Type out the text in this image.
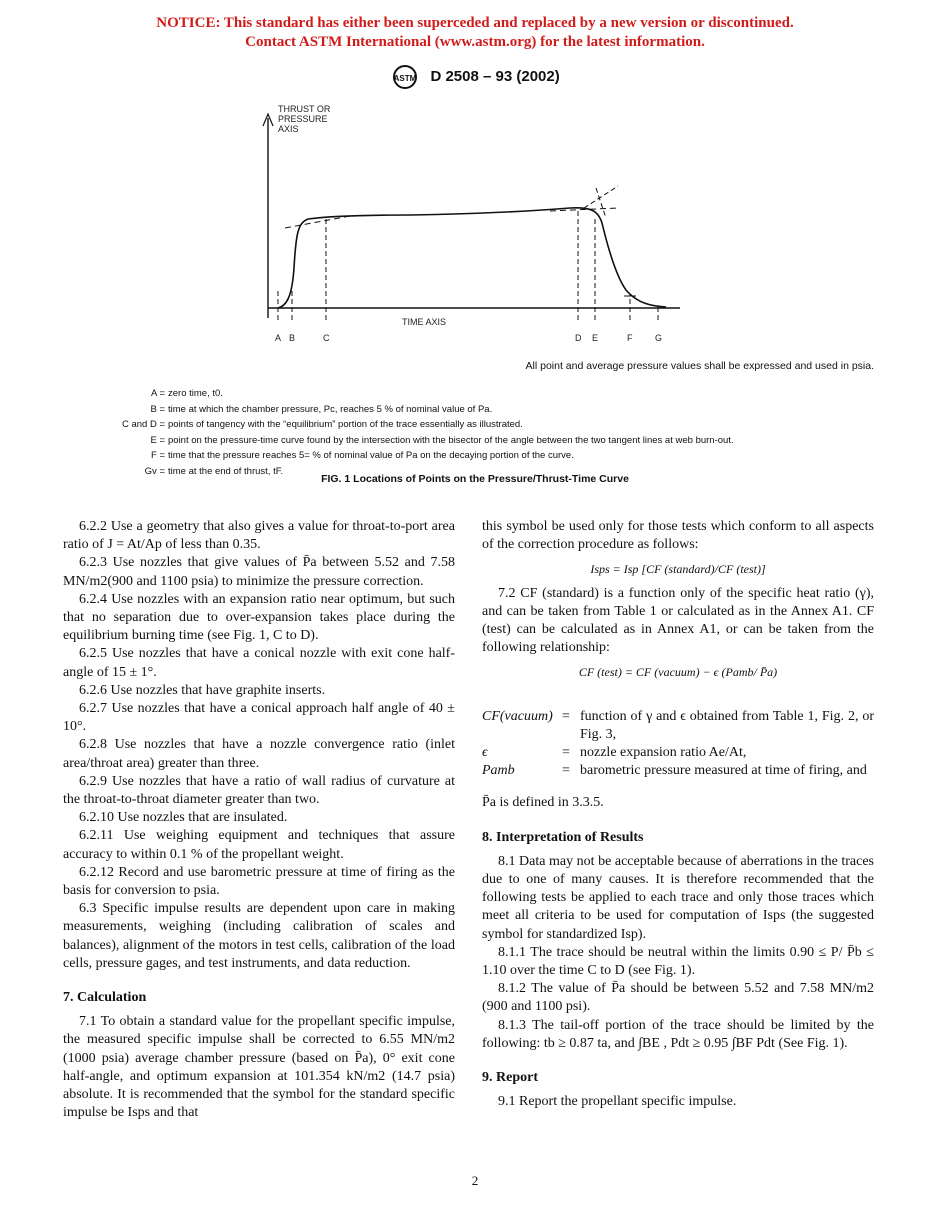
NOTICE: This standard has either been superceded and replaced by a new version or discontinued.
Contact ASTM International (www.astm.org) for the latest information.
ASTM D 2508 – 93 (2002)
THRUST OR
PRESSURE
AXIS
TIME AXIS
A B	C	D E	F	G
All point and average pressure values shall be expressed and used in psia.
A = zero time, t0.
B = time at which the chamber pressure, Pc, reaches 5 % of nominal value of Pa.
C and D = points of tangency with the “equilibrium” portion of the trace essentially as illustrated.
E = point on the pressure-time curve found by the intersection with the bisector of the angle between the two tangent lines at web burn-out.
F = time that the pressure reaches 5= % of nominal value of Pa on the decaying portion of the curve.
Gv = time at the end of thrust, tF.
FIG. 1 Locations of Points on the Pressure/Thrust-Time Curve

6.2.2 Use a geometry that also gives a value for throat-to-port area ratio of J = At/Ap of less than 0.35.

6.2.3 Use nozzles that give values of P̄a between 5.52 and 7.58 MN/m2(900 and 1100 psia) to minimize the pressure correction.

6.2.4 Use nozzles with an expansion ratio near optimum, but such that no separation due to over-expansion takes place during the equilibrium burning time (see Fig. 1, C to D).

6.2.5 Use nozzles that have a conical nozzle with exit cone half-angle of 15 ± 1°.

6.2.6 Use nozzles that have graphite inserts.

6.2.7 Use nozzles that have a conical approach half angle of 40 ± 10°.

6.2.8 Use nozzles that have a nozzle convergence ratio (inlet area/throat area) greater than three.

6.2.9 Use nozzles that have a ratio of wall radius of curvature at the throat-to-throat diameter greater than two.

6.2.10 Use nozzles that are insulated.

6.2.11 Use weighing equipment and techniques that assure accuracy to within 0.1 % of the propellant weight.

6.2.12 Record and use barometric pressure at time of firing as the basis for conversion to psia.

6.3 Specific impulse results are dependent upon care in making measurements, weighing (including calibration of scales and balances), alignment of the motors in test cells, calibration of the load cells, pressure gages, and test instruments, and data reduction.

7. Calculation

7.1 To obtain a standard value for the propellant specific impulse, the measured specific impulse shall be corrected to 6.55 MN/m2 (1000 psia) average chamber pressure (based on P̄a), 0° exit cone half-angle, and optimum expansion at 101.354 kN/m2 (14.7 psia) absolute. It is recommended that the symbol for the standard specific impulse be Isps and that

this symbol be used only for those tests which conform to all aspects of the correction procedure as follows:

Isps = Isp [CF (standard)/CF (test)]

7.2 CF (standard) is a function only of the specific heat ratio (γ), and can be taken from Table 1 or calculated as in the Annex A1. CF (test) can be calculated as in Annex A1, or can be taken from the following relationship:

CF (test) = CF (vacuum) − ϵ (Pamb/ P̄a)
CF(vacuum) = function of γ and ϵ obtained from Table 1, Fig. 2, or Fig. 3,
ϵ	= nozzle expansion ratio Ae/At,
Pamb	= barometric pressure measured at time of firing, and

P̄a is defined in 3.3.5.

8. Interpretation of Results

8.1 Data may not be acceptable because of aberrations in the traces due to one of many causes. It is therefore recommended that the following tests be applied to each trace and only those traces which meet all criteria to be used for computation of Isps (the suggested symbol for standardized Isp).

8.1.1 The trace should be neutral within the limits 0.90 ≤ P/ P̄b ≤ 1.10 over the time C to D (see Fig. 1).

8.1.2 The value of P̄a should be between 5.52 and 7.58 MN/m2 (900 and 1100 psi).

8.1.3 The tail-off portion of the trace should be limited by the following: tb ≥ 0.87 ta, and ∫BE , Pdt ≥ 0.95 ∫BF Pdt (See Fig. 1).

9. Report

9.1 Report the propellant specific impulse.

2
